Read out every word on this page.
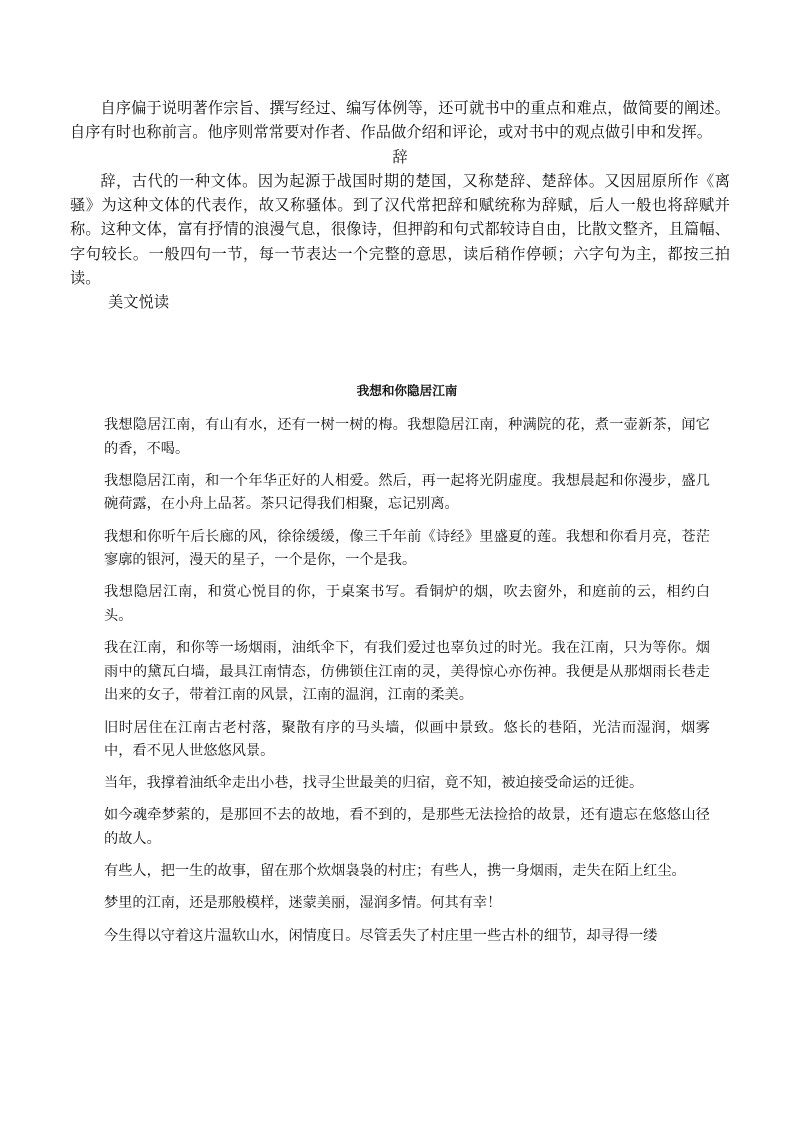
自序偏于说明著作宗旨、撰写经过、编写体例等，还可就书中的重点和难点，做简要的阐述。自序有时也称前言。他序则常常要对作者、作品做介绍和评论，或对书中的观点做引申和发挥。

辞

辞，古代的一种文体。因为起源于战国时期的楚国，又称楚辞、楚辞体。又因屈原所作《离骚》为这种文体的代表作，故又称骚体。到了汉代常把辞和赋统称为辞赋，后人一般也将辞赋并称。这种文体，富有抒情的浪漫气息，很像诗，但押韵和句式都较诗自由，比散文整齐，且篇幅、字句较长。一般四句一节，每一节表达一个完整的意思，读后稍作停顿；六字句为主，都按三拍读。

美文悦读

我想和你隐居江南

我想隐居江南，有山有水，还有一树一树的梅。我想隐居江南，种满院的花，煮一壶新茶，闻它的香，不喝。

我想隐居江南，和一个年华正好的人相爱。然后，再一起将光阴虚度。我想晨起和你漫步，盛几碗荷露，在小舟上品茗。茶只记得我们相聚，忘记别离。

我想和你听午后长廊的风，徐徐缓缓，像三千年前《诗经》里盛夏的莲。我想和你看月亮，苍茫寥廓的银河，漫天的星子，一个是你，一个是我。

我想隐居江南，和赏心悦目的你，于桌案书写。看铜炉的烟，吹去窗外，和庭前的云，相约白头。

我在江南，和你等一场烟雨，油纸伞下，有我们爱过也辜负过的时光。我在江南，只为等你。烟雨中的黛瓦白墙，最具江南情态，仿佛锁住江南的灵，美得惊心亦伤神。我便是从那烟雨长巷走出来的女子，带着江南的风景，江南的温润，江南的柔美。

旧时居住在江南古老村落，聚散有序的马头墙，似画中景致。悠长的巷陌，光洁而湿润，烟雾中，看不见人世悠悠风景。

当年，我撑着油纸伞走出小巷，找寻尘世最美的归宿，竟不知，被迫接受命运的迁徙。

如今魂牵梦萦的，是那回不去的故地，看不到的，是那些无法捡拾的故景，还有遗忘在悠悠山径的故人。

有些人，把一生的故事，留在那个炊烟袅袅的村庄；有些人，携一身烟雨，走失在陌上红尘。

梦里的江南，还是那般模样，迷蒙美丽，湿润多情。何其有幸！

今生得以守着这片温软山水，闲情度日。尽管丢失了村庄里一些古朴的细节，却寻得一缕
